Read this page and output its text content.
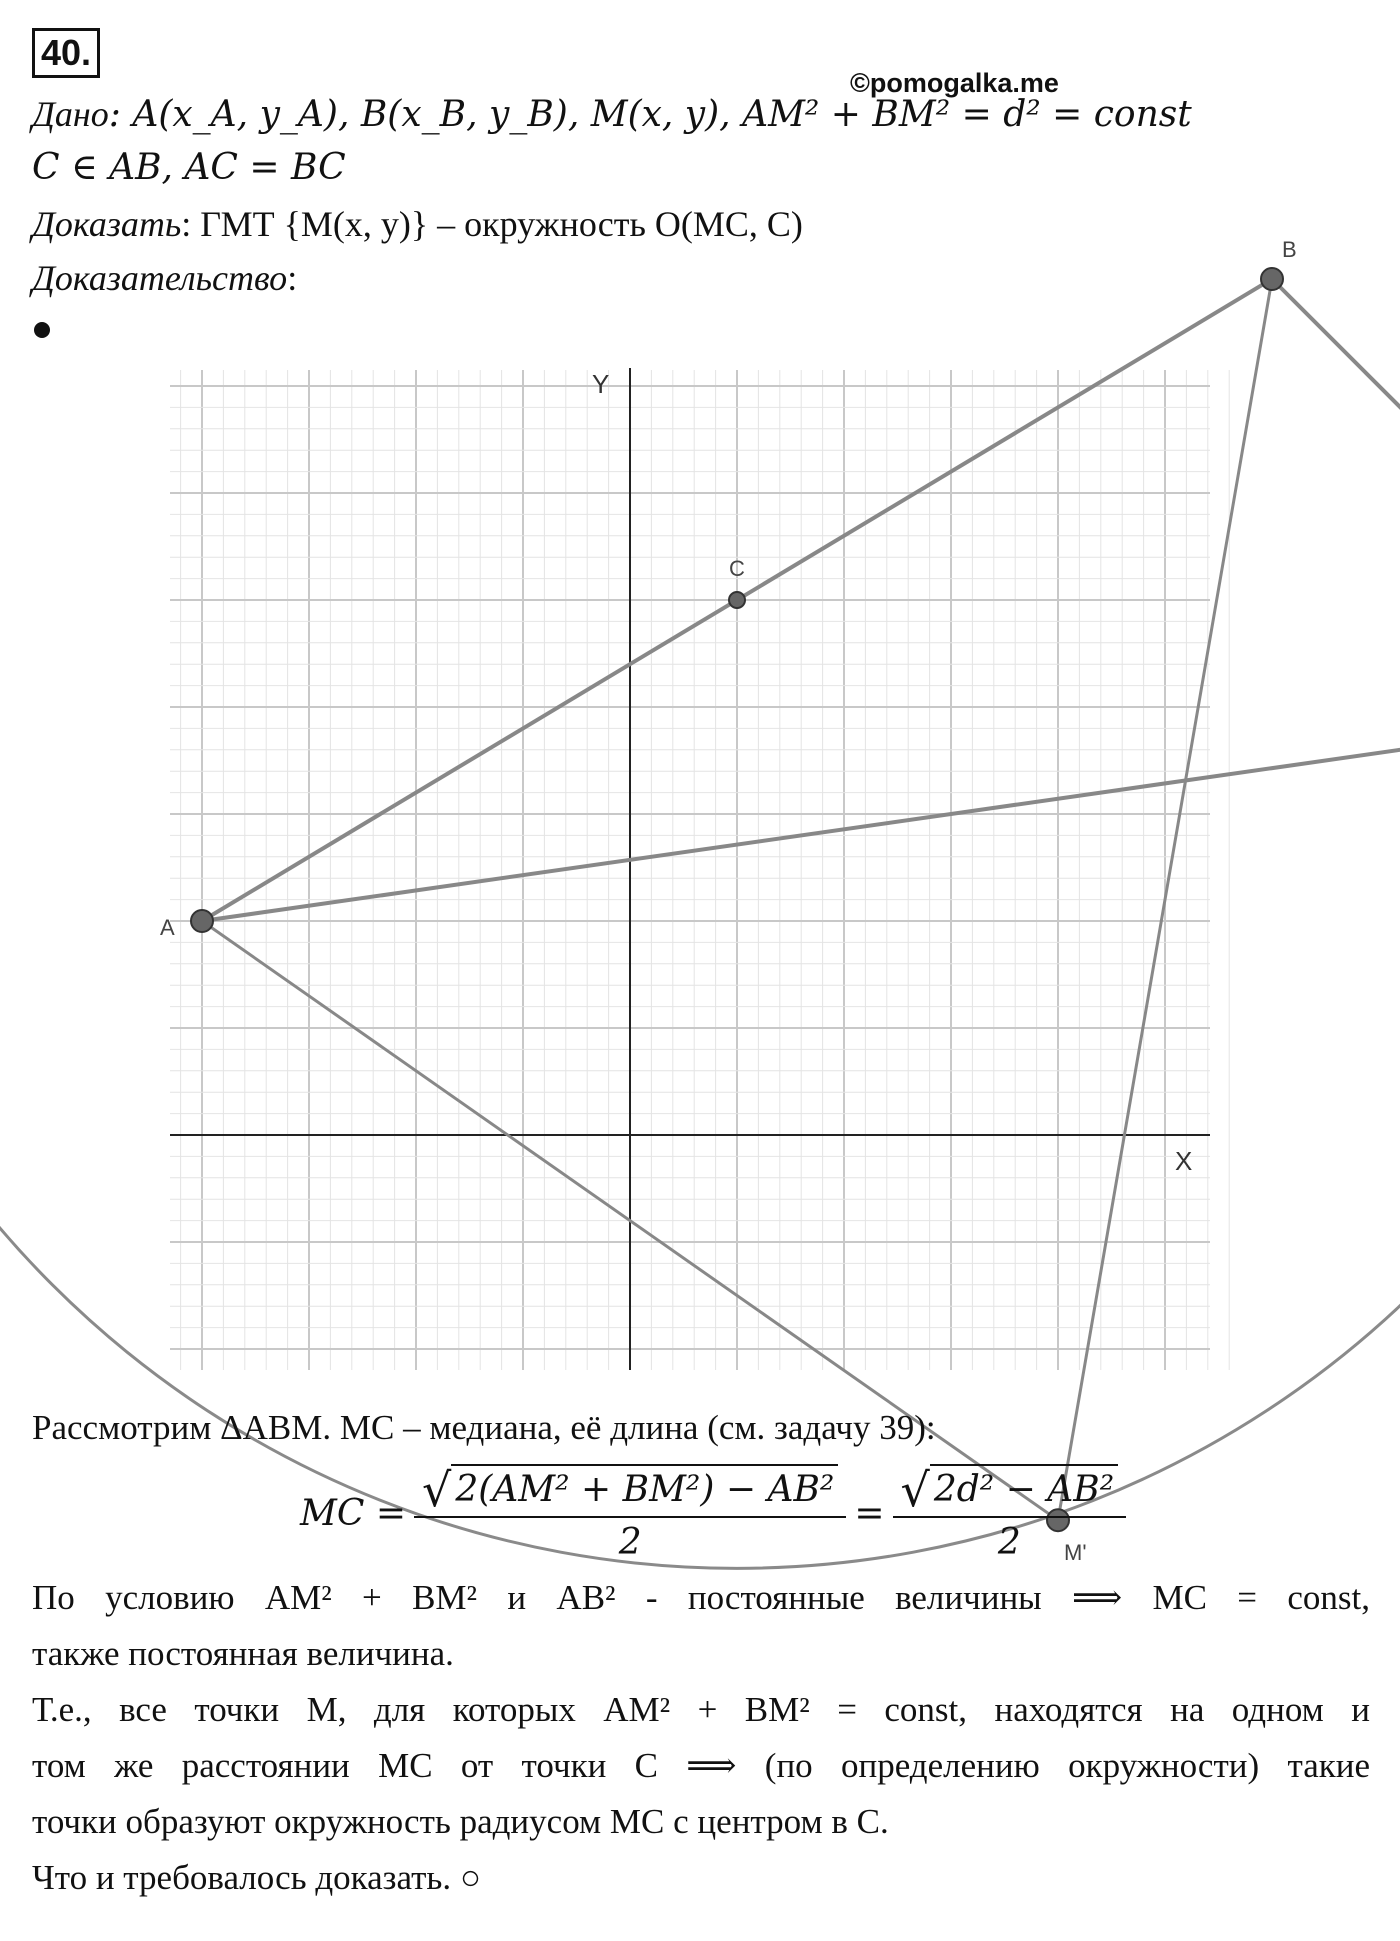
40.
©pomogalka.me
Дано: A(x_A, y_A), B(x_B, y_B), M(x, y), AM² + BM² = d² = const
C ∈ AB, AC = BC
Доказать: ГМТ {M(x, y)} – окружность O(MC, C)
Доказательство:
X
Y
A
B
C
M'
Рассмотрим ΔABM. MC – медиана, её длина (см. задачу 39):
MC = $\frac{\text{√ 2(AM² + BM²) − AB²}}{2} = \frac{\text{√ 2d² − AB²}}{2}$
По условию AM² + BM² и AB² - постоянные величины ⟹ MC = const,
также постоянная величина.
Т.е., все точки M, для которых AM² + BM² = const, находятся на одном и
том же расстоянии MC от точки C ⟹ (по определению окружности) такие
точки образуют окружность радиусом MC с центром в C.
Что и требовалось доказать. ○
